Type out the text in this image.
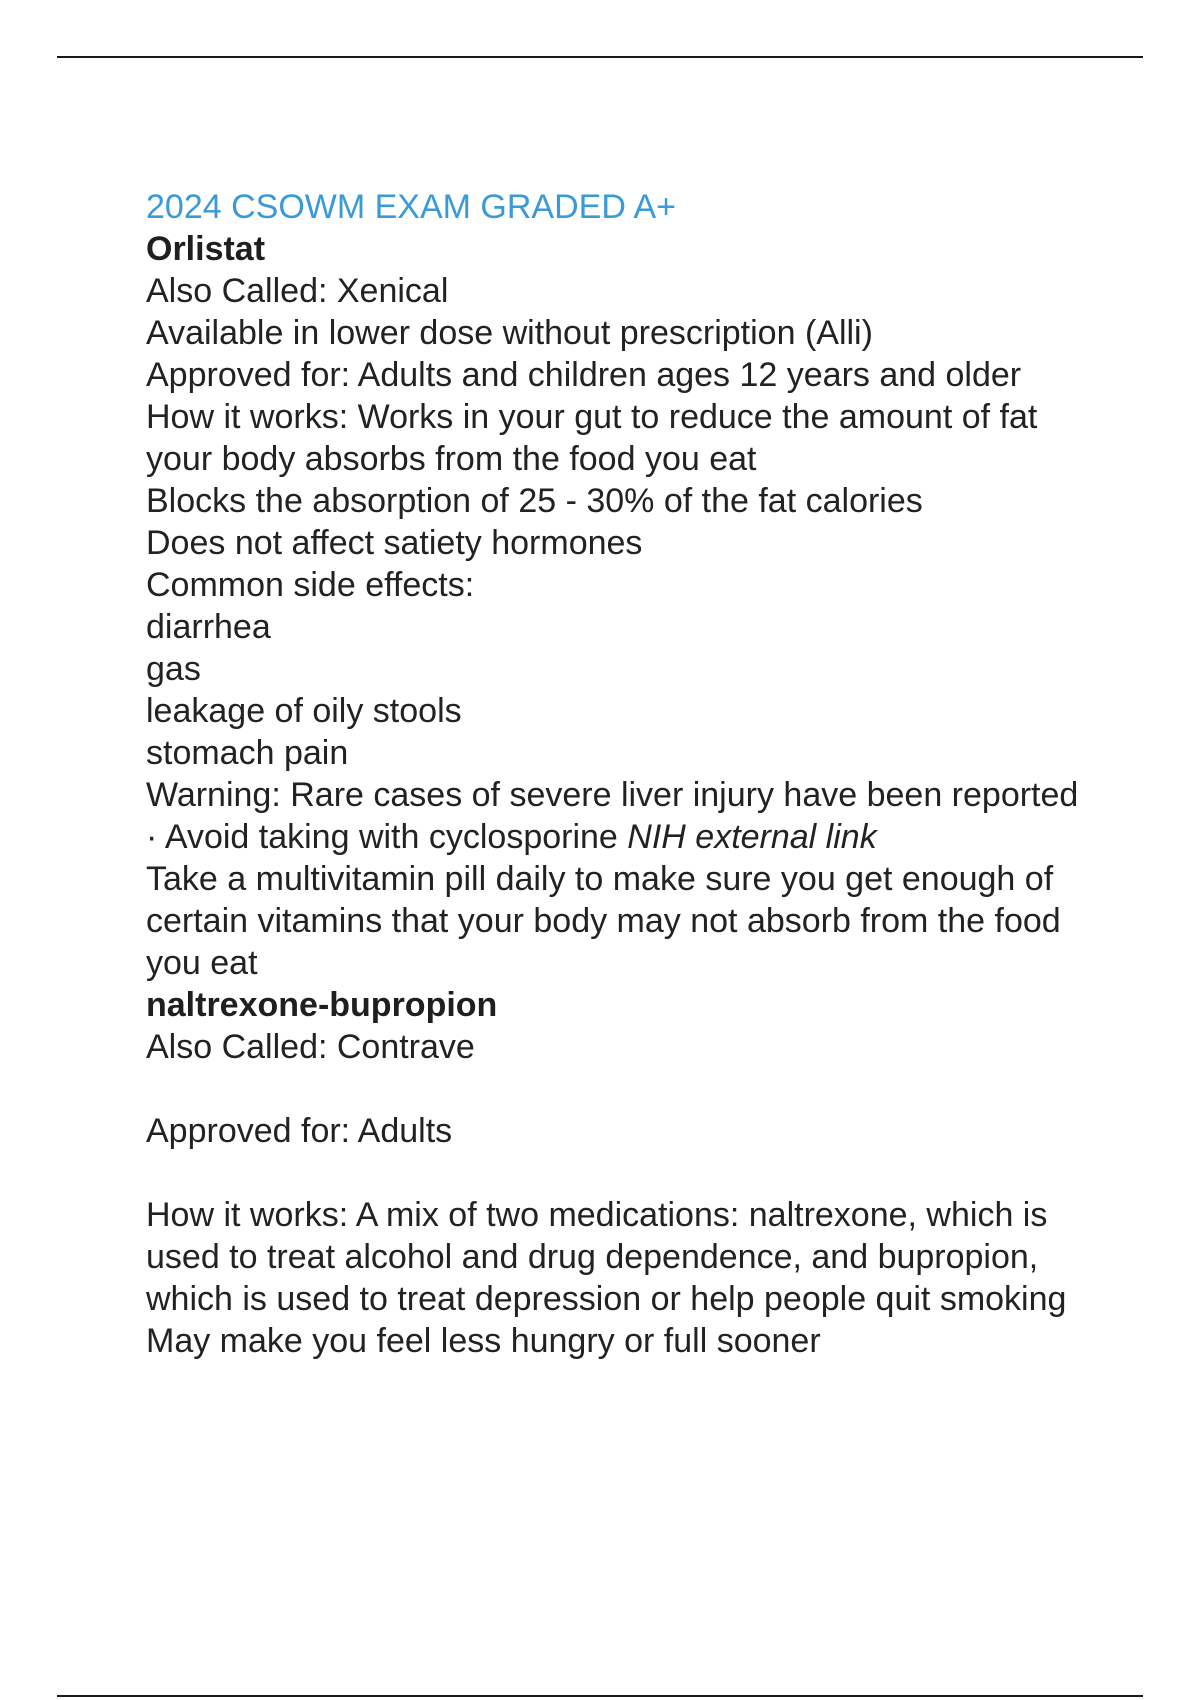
2024 CSOWM EXAM GRADED A+
Orlistat
Also Called: Xenical
Available in lower dose without prescription (Alli)
Approved for: Adults and children ages 12 years and older
How it works: Works in your gut to reduce the amount of fat your body absorbs from the food you eat
Blocks the absorption of 25 - 30% of the fat calories
Does not affect satiety hormones
Common side effects:
diarrhea
gas
leakage of oily stools
stomach pain
Warning: Rare cases of severe liver injury have been reported
· Avoid taking with cyclosporine NIH external link
Take a multivitamin pill daily to make sure you get enough of certain vitamins that your body may not absorb from the food you eat
naltrexone-bupropion
Also Called: Contrave
Approved for: Adults
How it works: A mix of two medications: naltrexone, which is used to treat alcohol and drug dependence, and bupropion, which is used to treat depression or help people quit smoking
May make you feel less hungry or full sooner
